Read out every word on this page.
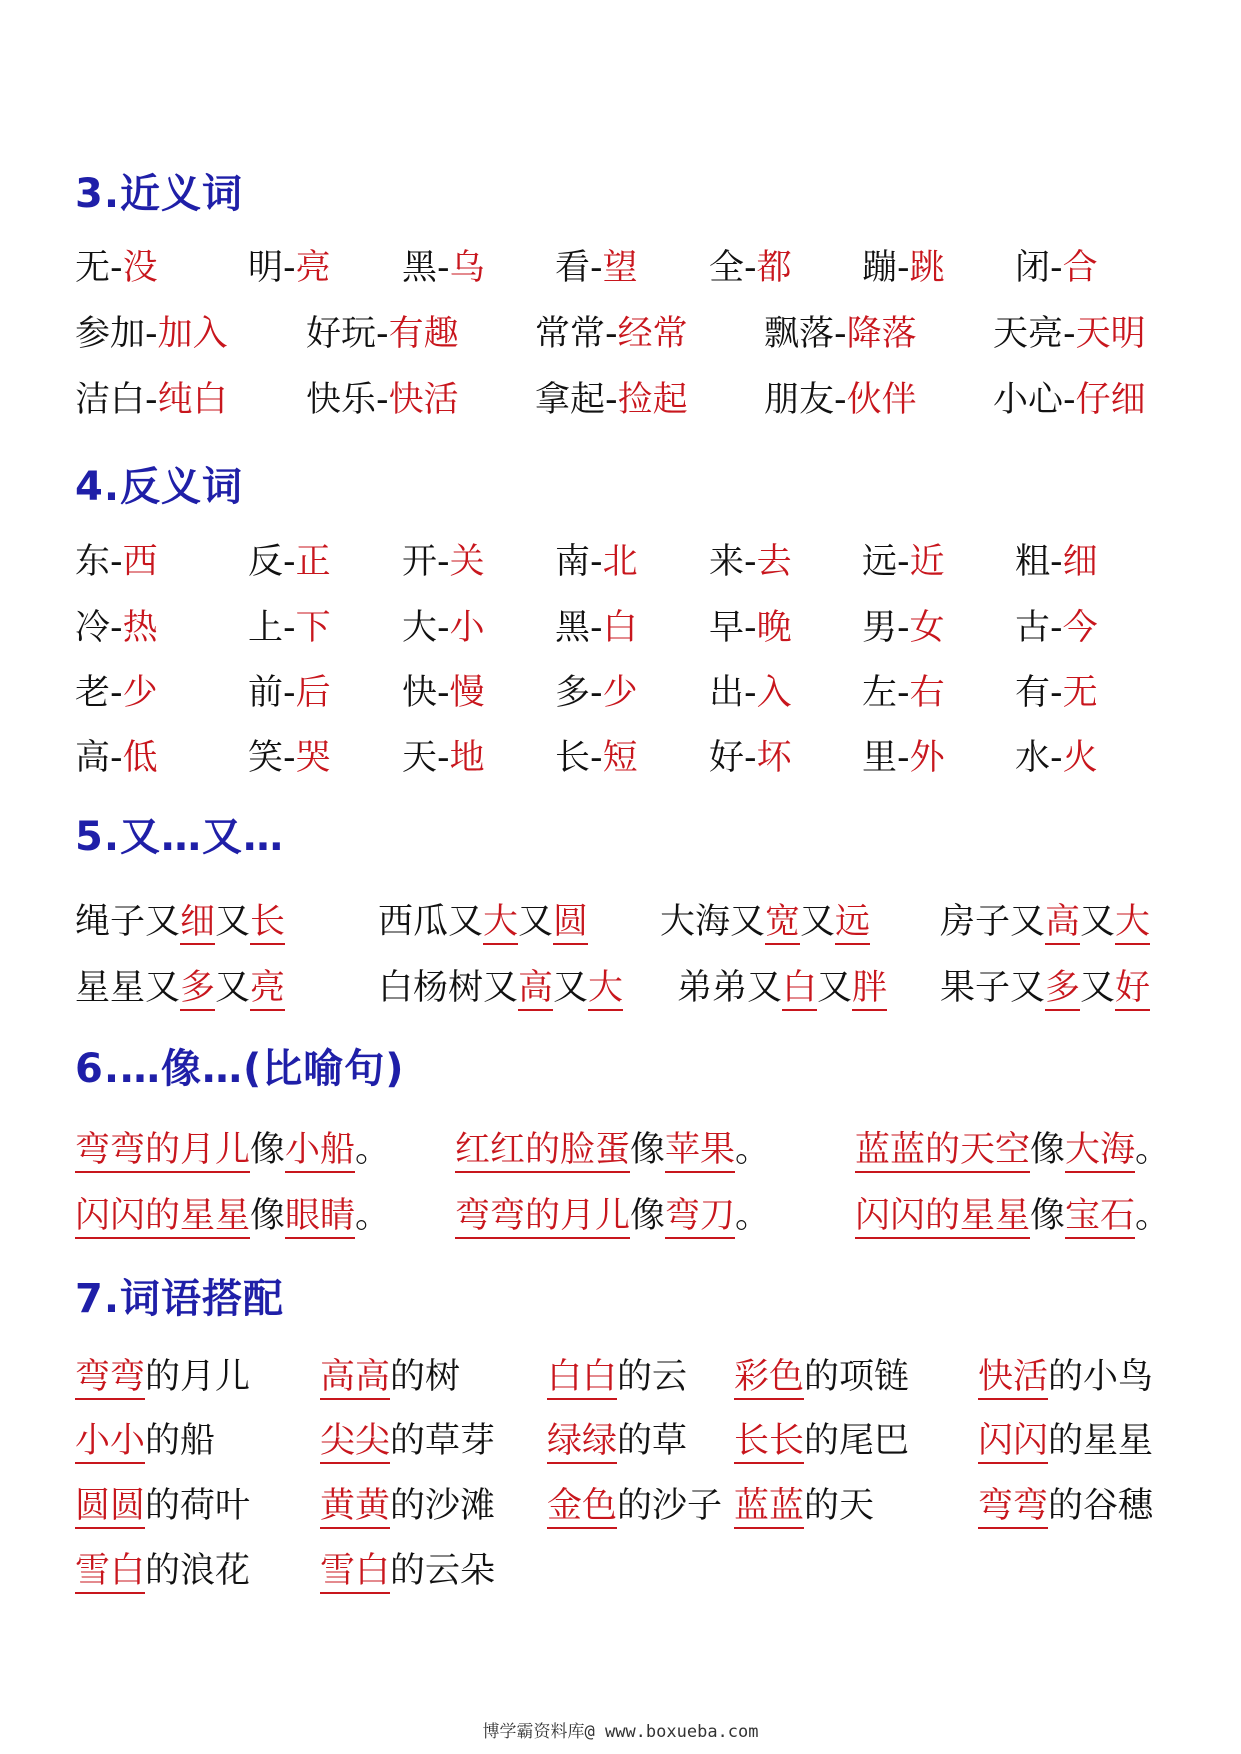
3.近义词
无-没	明-亮 黑-乌 看-望 全-都 蹦-跳 闭-合
参加-加入 好玩-有趣 常常-经常 飘落-降落 天亮-天明
洁白-纯白 快乐-快活 拿起-捡起 朋友-伙伴 小心-仔细
4.反义词
东-西	反-正 开-关 南-北 来-去 远-近 粗-细
冷-热	上-下 大-小 黑-白 早-晚 男-女 古-今
老-少	前-后 快-慢 多-少 出-入 左-右 有-无
高-低	笑-哭 天-地 长-短 好-坏 里-外 水-火
5.又…又…
绳子又细又长	西瓜又大又圆 大海又宽又远 房子又高又大
星星又多又亮	白杨树又高又大 弟弟又白又胖 果子又多又好
6.…像…(比喻句)
弯弯的月儿像小船。 红红的脸蛋像苹果。 蓝蓝的天空像大海。
闪闪的星星像眼睛。 弯弯的月儿像弯刀。 闪闪的星星像宝石。
7.词语搭配
弯弯的月儿 高高的树 白白的云 彩色的项链 快活的小鸟
小小的船	尖尖的草芽 绿绿的草 长长的尾巴 闪闪的星星
圆圆的荷叶 黄黄的沙滩 金色的沙子 蓝蓝的天	弯弯的谷穗
雪白的浪花 雪白的云朵
博学霸资料库@ www.boxueba.com
